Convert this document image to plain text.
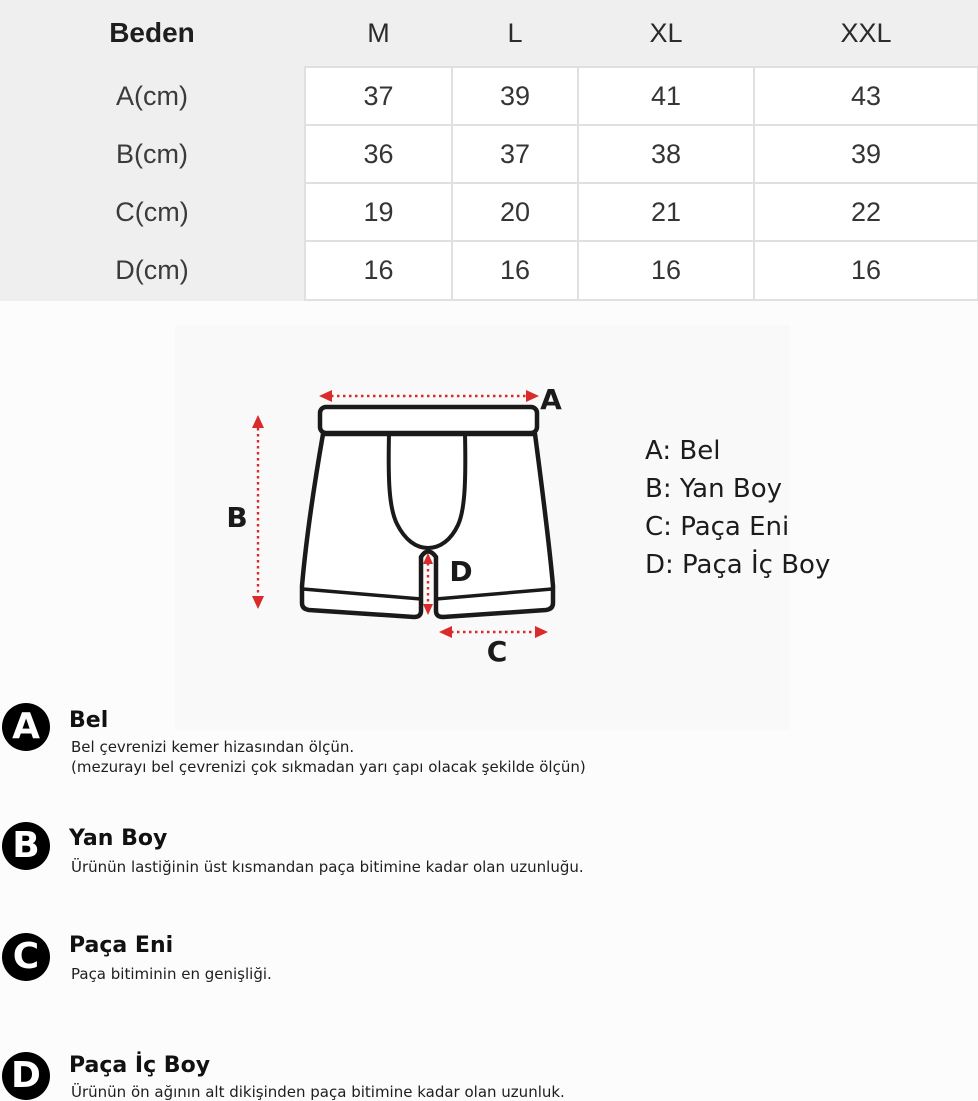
Beden	M	L	XL	XXL
A(cm)	37	39	41	43
B(cm)	36	37	38	39
C(cm)	19	20	21	22
D(cm)	16	16	16	16
A
B
D
C
A: Bel
B: Yan Boy
C: Paça Eni
D: Paça İç Boy
A	Bel
Bel çevrenizi kemer hizasından ölçün.
(mezurayı bel çevrenizi çok sıkmadan yarı çapı olacak şekilde ölçün)
B	Yan Boy
Ürünün lastiğinin üst kısmandan paça bitimine kadar olan uzunluğu.
C	Paça Eni
Paça bitiminin en genişliği.
D	Paça İç Boy
Ürünün ön ağının alt dikişinden paça bitimine kadar olan uzunluk.
